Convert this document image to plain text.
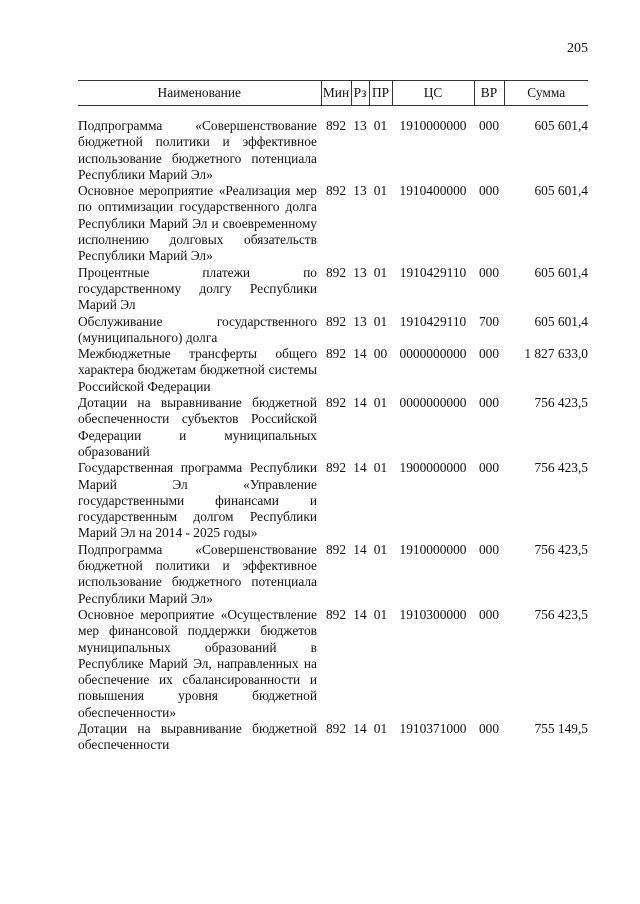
205
Наименование	Мин	Рз	ПР	ЦС	ВР	Сумма

Подпрограмма «Совершенствование бюджетной политики и эффективное использование бюджетного потенциала Республики Марий Эл»	892	13	01	1910000000	000	605 601,4
Основное мероприятие «Реализация мер по оптимизации государственного долга Республики Марий Эл и своевременному исполнению долговых обязательств Республики Марий Эл»	892	13	01	1910400000	000	605 601,4
Процентные платежи по государственному долгу Республики Марий Эл	892	13	01	1910429110	000	605 601,4
Обслуживание государственного (муниципального) долга	892	13	01	1910429110	700	605 601,4
Межбюджетные трансферты общего характера бюджетам бюджетной системы Российской Федерации	892	14	00	0000000000	000	1 827 633,0
Дотации на выравнивание бюджетной обеспеченности субъектов Российской Федерации и муниципальных образований	892	14	01	0000000000	000	756 423,5
Государственная программа Республики Марий Эл «Управление государственными финансами и государственным долгом Республики Марий Эл на 2014 - 2025 годы»	892	14	01	1900000000	000	756 423,5
Подпрограмма «Совершенствование бюджетной политики и эффективное использование бюджетного потенциала Республики Марий Эл»	892	14	01	1910000000	000	756 423,5
Основное мероприятие «Осуществление мер финансовой поддержки бюджетов муниципальных образований в Республике Марий Эл, направленных на обеспечение их сбалансированности и повышения уровня бюджетной обеспеченности»	892	14	01	1910300000	000	756 423,5
Дотации на выравнивание бюджетной обеспеченности	892	14	01	1910371000	000	755 149,5
